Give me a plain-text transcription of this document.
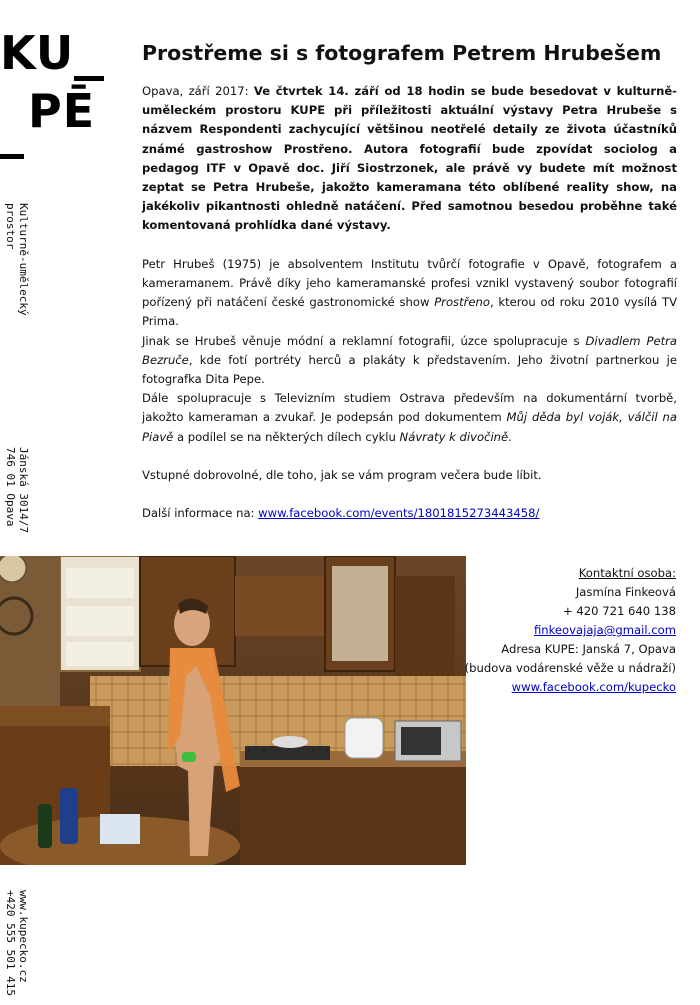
KU
PĒ
Kulturně-umělecký
prostor
Jánská 3014/7
746 01 Opava
www.kupecko.cz
+420 555 501 415
Prostřeme si s fotografem Petrem Hrubešem

Opava, září 2017: Ve čtvrtek 14. září od 18 hodin se bude besedovat v kulturně-uměleckém prostoru KUPE při příležitosti aktuální výstavy Petra Hrubeše s názvem Respondenti zachycující většinou neotřelé detaily ze života účastníků známé gastroshow Prostřeno. Autora fotografií bude zpovídat sociolog a pedagog ITF v Opavě doc. Jiří Siostrzonek, ale právě vy budete mít možnost zeptat se Petra Hrubeše, jakožto kameramana této oblíbené reality show, na jakékoliv pikantnosti ohledně natáčení. Před samotnou besedou proběhne také komentovaná prohlídka dané výstavy.

Petr Hrubeš (1975) je absolventem Institutu tvůrčí fotografie v Opavě, fotografem a kameramanem. Právě díky jeho kameramanské profesi vznikl vystavený soubor fotografií pořízený při natáčení české gastronomické show Prostřeno, kterou od roku 2010 vysílá TV Prima.

Jinak se Hrubeš věnuje módní a reklamní fotografii, úzce spolupracuje s Divadlem Petra Bezruče, kde fotí portréty herců a plakáty k představením. Jeho životní partnerkou je fotografka Dita Pepe.

Dále spolupracuje s Televizním studiem Ostrava především na dokumentární tvorbě, jakožto kameraman a zvukař. Je podepsán pod dokumentem Můj děda byl voják, válčil na Piavě a podílel se na některých dílech cyklu Návraty k divočině.

Vstupné dobrovolné, dle toho, jak se vám program večera bude líbit.

Další informace na: www.facebook.com/events/1801815273443458/

Kontaktní osoba:
Jasmína Finkeová
+ 420 721 640 138
finkeovajaja@gmail.com
Adresa KUPE: Janská 7, Opava
(budova vodárenské věže u nádraží)
www.facebook.com/kupecko
